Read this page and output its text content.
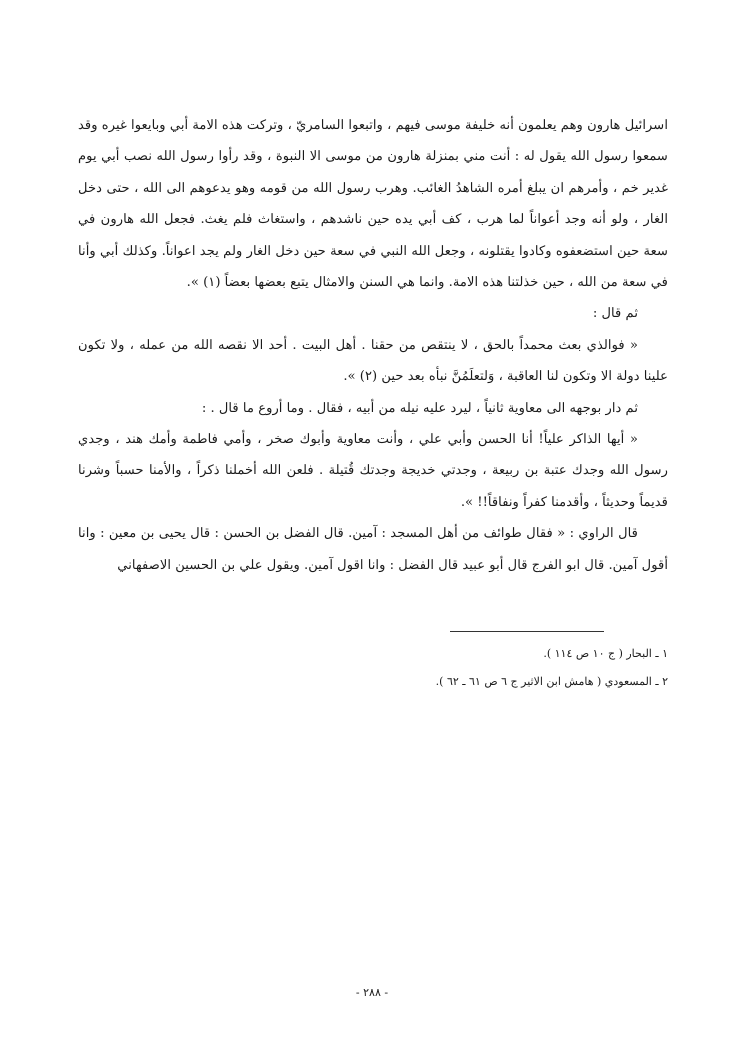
اسرائيل هارون وهم يعلمون أنه خليفة موسى فيهم ، واتبعوا السامريّ ، وتركت هذه الامة أبي وبايعوا غيره وقد سمعوا رسول الله يقول له : أنت مني بمنزلة هارون من موسى الا النبوة ، وقد رأوا رسول الله نصب أبي يوم غدير خم ، وأمرهم ان يبلغ أمره الشاهدُ الغائب. وهرب رسول الله من قومه وهو يدعوهم الى الله ، حتى دخل الغار ، ولو أنه وجد أعواناً لما هرب ، كف أبي يده حين ناشدهم ، واستغاث فلم يغث. فجعل الله هارون في سعة حين استضعفوه وكادوا يقتلونه ، وجعل الله النبي في سعة حين دخل الغار ولم يجد اعواناً. وكذلك أبي وأنا في سعة من الله ، حين خذلتنا هذه الامة. وانما هي السنن والامثال يتبع بعضها بعضاً (١) ».

ثم قال :

« فوالذي بعث محمداً بالحق ، لا ينتقص من حقنا . أهل البيت . أحد الا نقصه الله من عمله ، ولا تكون علينا دولة الا وتكون لنا العاقبة ، وَلتعلَمُنَّ نبأه بعد حين (٢) ».

ثم دار بوجهه الى معاوية ثانياً ، ليرد عليه نيله من أبيه ، فقال . وما أروع ما قال . :

« أيها الذاكر علياً! أنا الحسن وأبي علي ، وأنت معاوية وأبوك صخر ، وأمي فاطمة وأمك هند ، وجدي رسول الله وجدك عتبة بن ربيعة ، وجدتي خديجة وجدتك قُتيلة . فلعن الله أخملنا ذكراً ، والأمنا حسباً وشرنا قديماً وحديثاً ، وأقدمنا كفراً ونفاقاً!! ».

قال الراوي : « فقال طوائف من أهل المسجد : آمين. قال الفضل بن الحسن : قال يحيى بن معين : وانا أقول آمين. قال ابو الفرج قال أبو عبيد قال الفضل : وانا اقول آمين. ويقول علي بن الحسين الاصفهاني

١ ـ البحار ( ج ١٠ ص ١١٤ ).

٢ ـ المسعودي ( هامش ابن الاثير ج ٦ ص ٦١ ـ ٦٢ ).

- ٢٨٨ -
